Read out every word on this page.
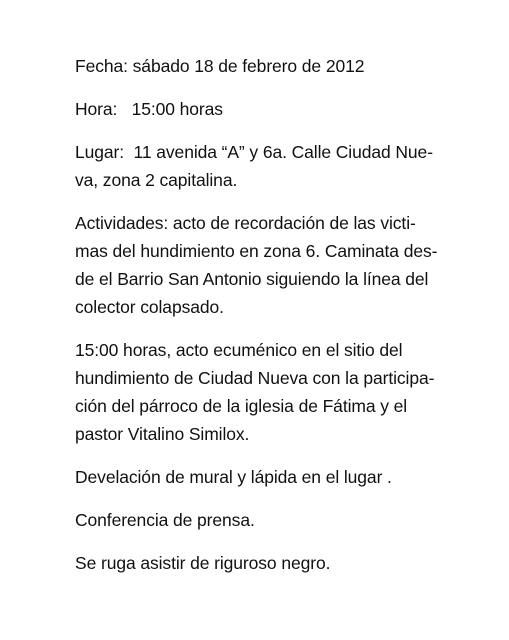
Fecha: sábado 18 de febrero de 2012

Hora:   15:00 horas

Lugar:  11 avenida “A” y 6a. Calle Ciudad Nue-
va, zona 2 capitalina.

Actividades: acto de recordación de las victi-
mas del hundimiento en zona 6. Caminata des-
de el Barrio San Antonio siguiendo la línea del
colector colapsado.

15:00 horas, acto ecuménico en el sitio del
hundimiento de Ciudad Nueva con la participa-
ción del párroco de la iglesia de Fátima y el
pastor Vitalino Similox.

Develación de mural y lápida en el lugar .

Conferencia de prensa.

Se ruga asistir de riguroso negro.
